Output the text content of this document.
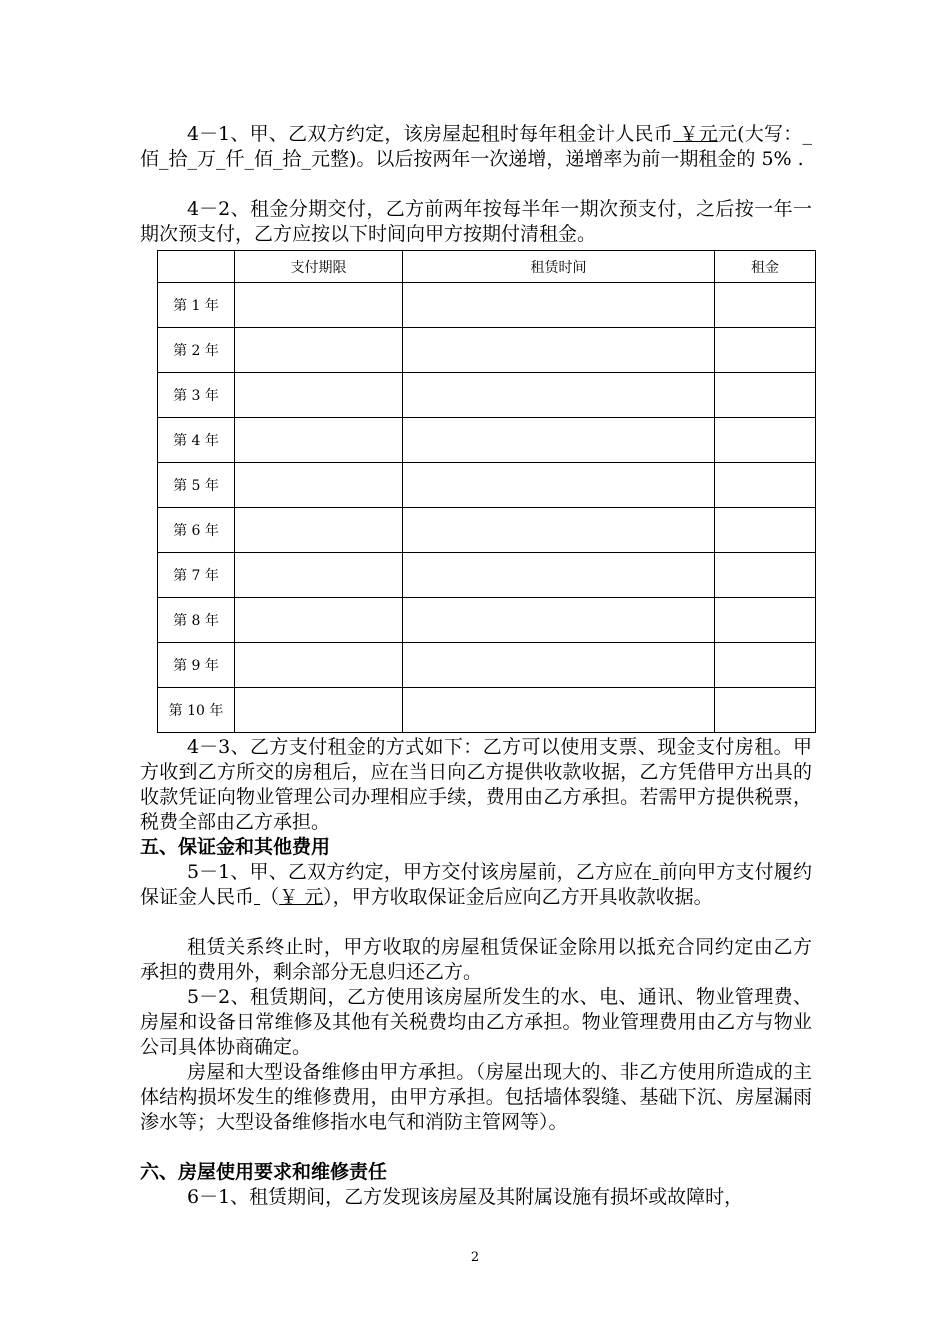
4－1、甲、乙双方约定，该房屋起租时每年租金计人民币 ￥元元(大写：_佰_拾_万_仟_佰_拾_元整)。以后按两年一次递增，递增率为前一期租金的 5% .

4－2、租金分期交付，乙方前两年按每半年一期次预支付，之后按一年一期次预支付，乙方应按以下时间向甲方按期付清租金。

	支付期限	租赁时间	租金
第 1 年			
第 2 年			
第 3 年			
第 4 年			
第 5 年			
第 6 年			
第 7 年			
第 8 年			
第 9 年			
第 10 年			

4－3、乙方支付租金的方式如下：乙方可以使用支票、现金支付房租。甲方收到乙方所交的房租后，应在当日向乙方提供收款收据，乙方凭借甲方出具的收款凭证向物业管理公司办理相应手续，费用由乙方承担。若需甲方提供税票，税费全部由乙方承担。

五、保证金和其他费用

5－1、甲、乙双方约定，甲方交付该房屋前，乙方应在 前向甲方支付履约保证金人民币 （￥ 元），甲方收取保证金后应向乙方开具收款收据。

租赁关系终止时，甲方收取的房屋租赁保证金除用以抵充合同约定由乙方承担的费用外，剩余部分无息归还乙方。

5－2、租赁期间，乙方使用该房屋所发生的水、电、通讯、物业管理费、房屋和设备日常维修及其他有关税费均由乙方承担。物业管理费用由乙方与物业公司具体协商确定。

房屋和大型设备维修由甲方承担。（房屋出现大的、非乙方使用所造成的主体结构损坏发生的维修费用，由甲方承担。包括墙体裂缝、基础下沉、房屋漏雨渗水等；大型设备维修指水电气和消防主管网等）。

六、房屋使用要求和维修责任

6－1、租赁期间，乙方发现该房屋及其附属设施有损坏或故障时，

2
